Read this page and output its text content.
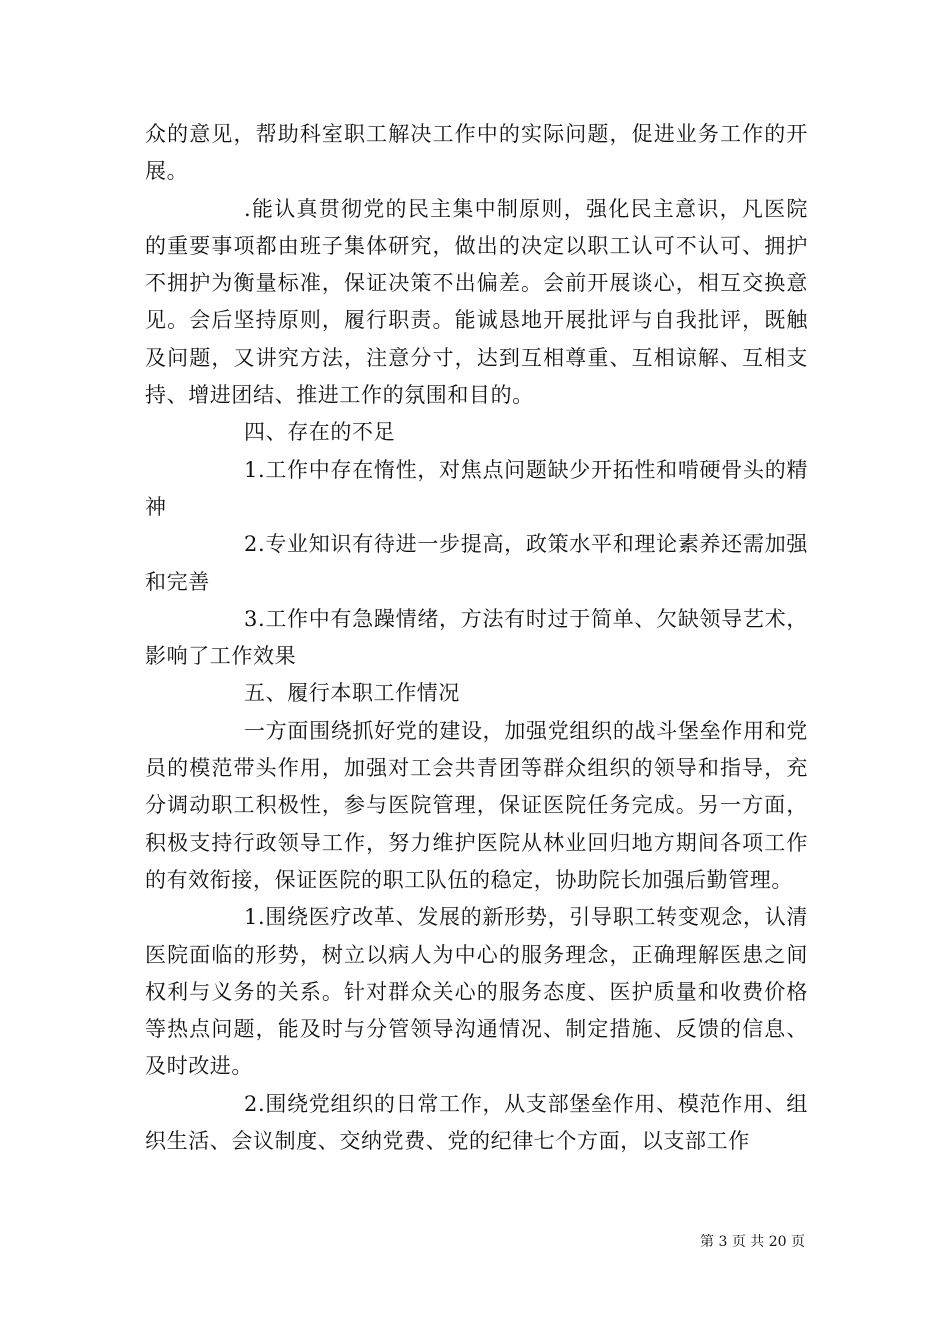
众的意见，帮助科室职工解决工作中的实际问题，促进业务工作的开展。

.能认真贯彻党的民主集中制原则，强化民主意识，凡医院的重要事项都由班子集体研究，做出的决定以职工认可不认可、拥护不拥护为衡量标准，保证决策不出偏差。会前开展谈心，相互交换意见。会后坚持原则，履行职责。能诚恳地开展批评与自我批评，既触及问题，又讲究方法，注意分寸，达到互相尊重、互相谅解、互相支持、增进团结、推进工作的氛围和目的。

四、存在的不足

1.工作中存在惰性，对焦点问题缺少开拓性和啃硬骨头的精神

2.专业知识有待进一步提高，政策水平和理论素养还需加强和完善

3.工作中有急躁情绪，方法有时过于简单、欠缺领导艺术，影响了工作效果

五、履行本职工作情况

一方面围绕抓好党的建设，加强党组织的战斗堡垒作用和党员的模范带头作用，加强对工会共青团等群众组织的领导和指导，充分调动职工积极性，参与医院管理，保证医院任务完成。另一方面，积极支持行政领导工作，努力维护医院从林业回归地方期间各项工作的有效衔接，保证医院的职工队伍的稳定，协助院长加强后勤管理。

1.围绕医疗改革、发展的新形势，引导职工转变观念，认清医院面临的形势，树立以病人为中心的服务理念，正确理解医患之间权利与义务的关系。针对群众关心的服务态度、医护质量和收费价格等热点问题，能及时与分管领导沟通情况、制定措施、反馈的信息、及时改进。

2.围绕党组织的日常工作，从支部堡垒作用、模范作用、组织生活、会议制度、交纳党费、党的纪律七个方面，以支部工作

第 3 页 共 20 页
